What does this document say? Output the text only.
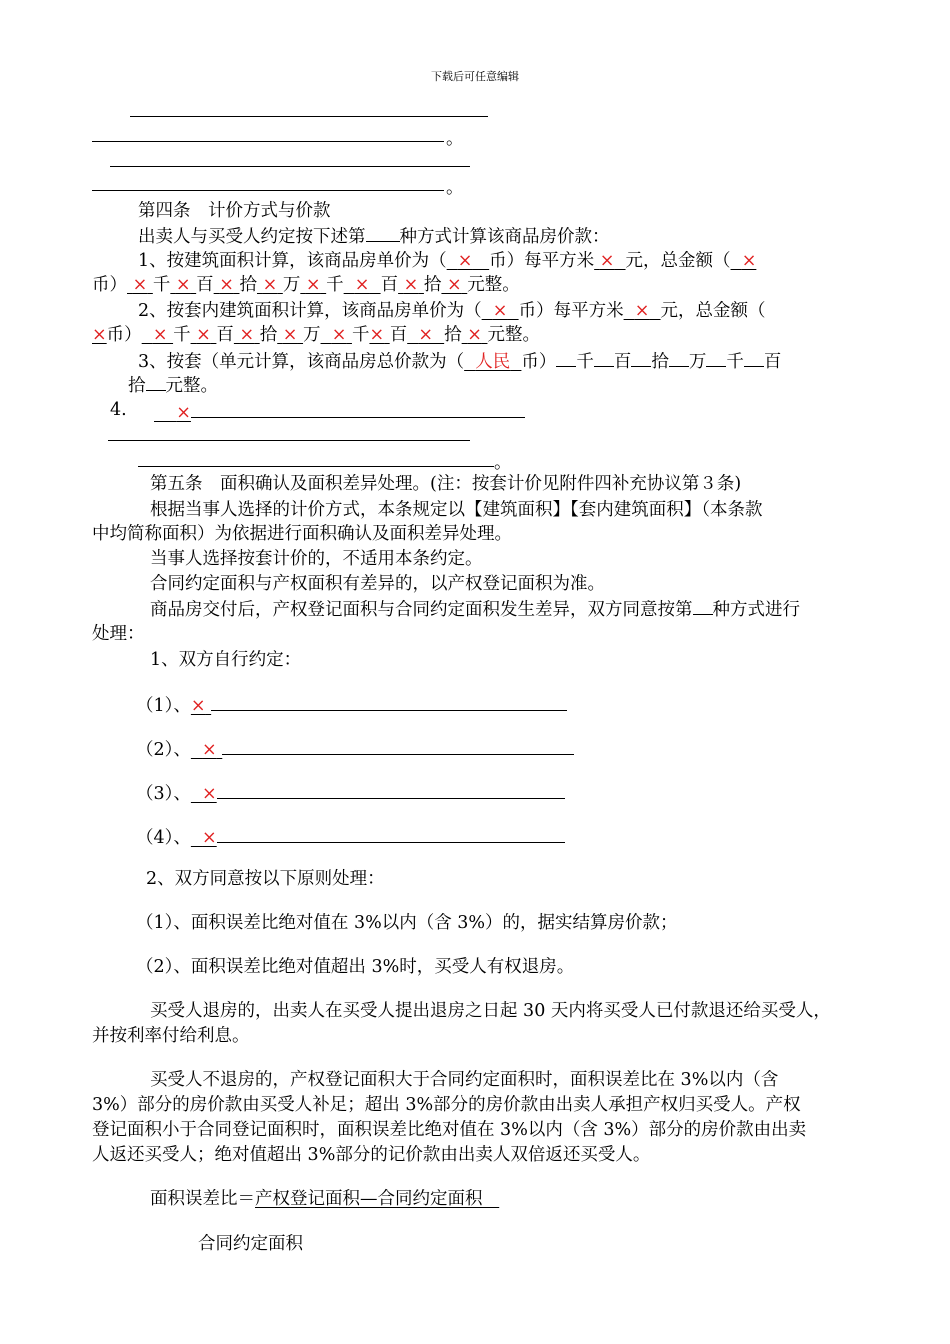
下载后可任意编辑
。
。
第四条　计价方式与价款
出卖人与买受人约定按下述第 种方式计算该商品房价款：
1、按建筑面积计算，该商品房单价为（ × 币）每平方米 × 元，总金额（ ×
币） × 千 × 百 × 拾 × 万 × 千 × 百 × 拾 × 元整。
2、按套内建筑面积计算，该商品房单价为（ × 币）每平方米 × 元，总金额（
×币） × 千 × 百 × 拾 × 万 × 千× 百 × 拾 × 元整。
3、按套（单元计算，该商品房总价款为（ 人民 币） 千 百 拾 万 千 百
拾 元整。
4.	×
。
第五条　面积确认及面积差异处理。(注：按套计价见附件四补充协议第３条)
根据当事人选择的计价方式，本条规定以【建筑面积】【套内建筑面积】（本条款
中均简称面积）为依据进行面积确认及面积差异处理。
当事人选择按套计价的，不适用本条约定。
合同约定面积与产权面积有差异的，以产权登记面积为准。
商品房交付后，产权登记面积与合同约定面积发生差异，双方同意按第 种方式进行
处理：
1、双方自行约定：
（1）、×
（2）、 ×
（3）、 ×
（4）、 ×
2、双方同意按以下原则处理：
（1）、面积误差比绝对值在 3%以内（含 3%）的，据实结算房价款；
（2）、面积误差比绝对值超出 3%时，买受人有权退房。
买受人退房的，出卖人在买受人提出退房之日起 30 天内将买受人已付款退还给买受人，
并按利率付给利息。
买受人不退房的，产权登记面积大于合同约定面积时，面积误差比在 3%以内（含
3%）部分的房价款由买受人补足；超出 3%部分的房价款由出卖人承担产权归买受人。产权
登记面积小于合同登记面积时，面积误差比绝对值在 3%以内（含 3%）部分的房价款由出卖
人返还买受人；绝对值超出 3%部分的记价款由出卖人双倍返还买受人。
面积误差比＝产权登记面积—合同约定面积
合同约定面积
